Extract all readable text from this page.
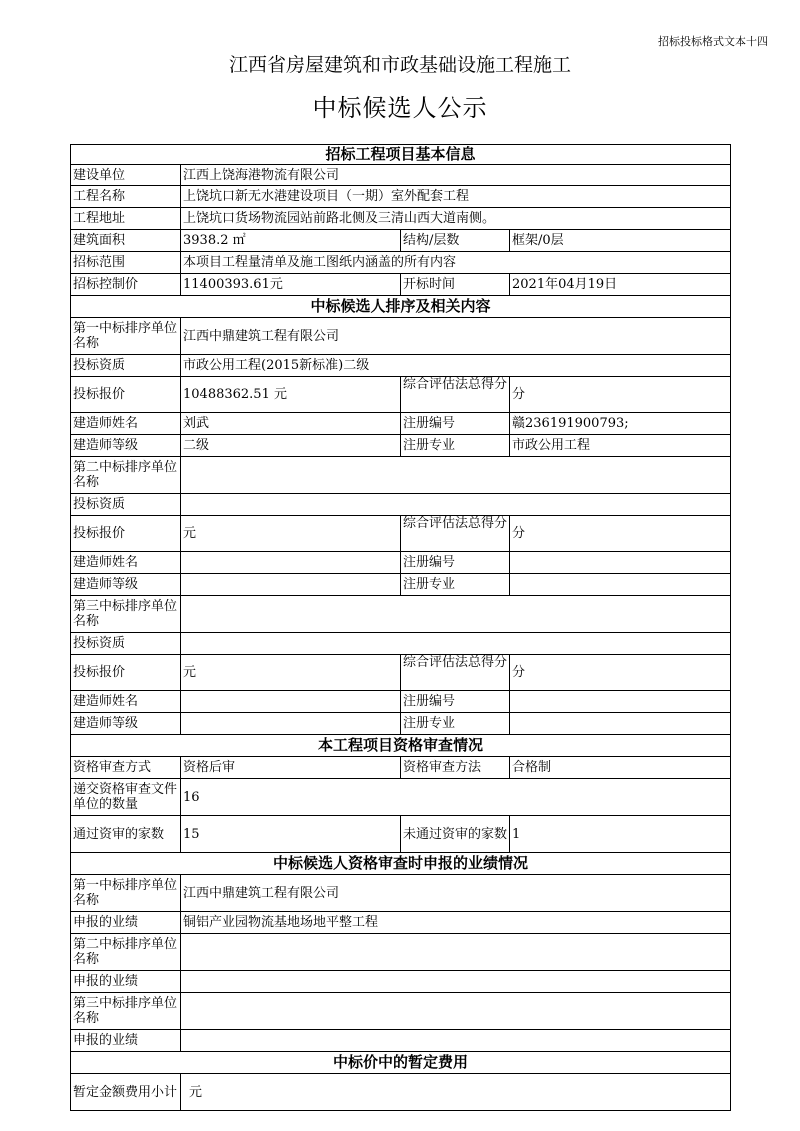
招标投标格式文本十四
江西省房屋建筑和市政基础设施工程施工
中标候选人公示
招标工程项目基本信息			
建设单位	江西上饶海港物流有限公司		
工程名称	上饶坑口新无水港建设项目（一期）室外配套工程		
工程地址	上饶坑口货场物流园站前路北侧及三清山西大道南侧。		
建筑面积	3938.2 ㎡	结构/层数	框架/0层
招标范围	本项目工程量清单及施工图纸内涵盖的所有内容		
招标控制价	11400393.61元	开标时间	2021年04月19日
中标候选人排序及相关内容			
第一中标排序单位名称	江西中鼎建筑工程有限公司		
投标资质	市政公用工程(2015新标准)二级		
投标报价	10488362.51 元	综合评估法总得分	分
建造师姓名	刘武	注册编号	赣236191900793;
建造师等级	二级	注册专业	市政公用工程
第二中标排序单位名称			
投标资质			
投标报价	元	综合评估法总得分	分
建造师姓名		注册编号	
建造师等级		注册专业	
第三中标排序单位名称			
投标资质			
投标报价	元	综合评估法总得分	分
建造师姓名		注册编号	
建造师等级		注册专业	
本工程项目资格审查情况			
资格审查方式	资格后审	资格审查方法	合格制
递交资格审查文件单位的数量	16		
通过资审的家数	15	未通过资审的家数	1
中标候选人资格审查时申报的业绩情况			
第一中标排序单位名称	江西中鼎建筑工程有限公司		
申报的业绩	铜铝产业园物流基地场地平整工程		
第二中标排序单位名称			
申报的业绩			
第三中标排序单位名称			
申报的业绩			
中标价中的暂定费用			
暂定金额费用小计	元		
